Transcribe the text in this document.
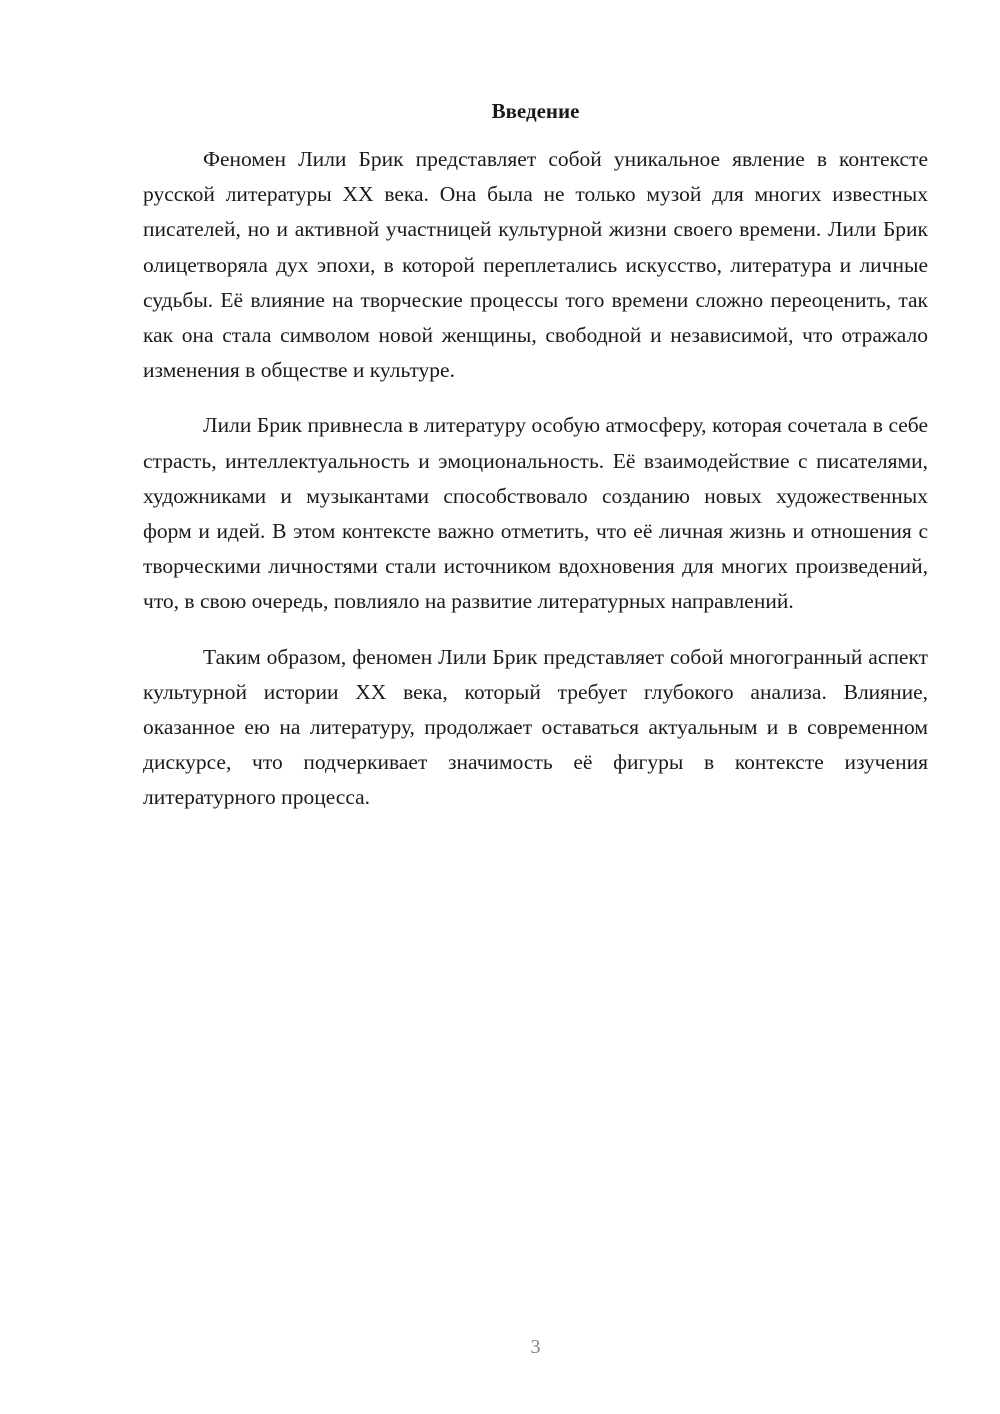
Введение

Феномен Лили Брик представляет собой уникальное явление в контексте русской литературы XX века. Она была не только музой для многих известных писателей, но и активной участницей культурной жизни своего времени. Лили Брик олицетворяла дух эпохи, в которой переплетались искусство, литература и личные судьбы. Её влияние на творческие процессы того времени сложно переоценить, так как она стала символом новой женщины, свободной и независимой, что отражало изменения в обществе и культуре.

Лили Брик привнесла в литературу особую атмосферу, которая сочетала в себе страсть, интеллектуальность и эмоциональность. Её взаимодействие с писателями, художниками и музыкантами способствовало созданию новых художественных форм и идей. В этом контексте важно отметить, что её личная жизнь и отношения с творческими личностями стали источником вдохновения для многих произведений, что, в свою очередь, повлияло на развитие литературных направлений.

Таким образом, феномен Лили Брик представляет собой многогранный аспект культурной истории XX века, который требует глубокого анализа. Влияние, оказанное ею на литературу, продолжает оставаться актуальным и в современном дискурсе, что подчеркивает значимость её фигуры в контексте изучения литературного процесса.

3
